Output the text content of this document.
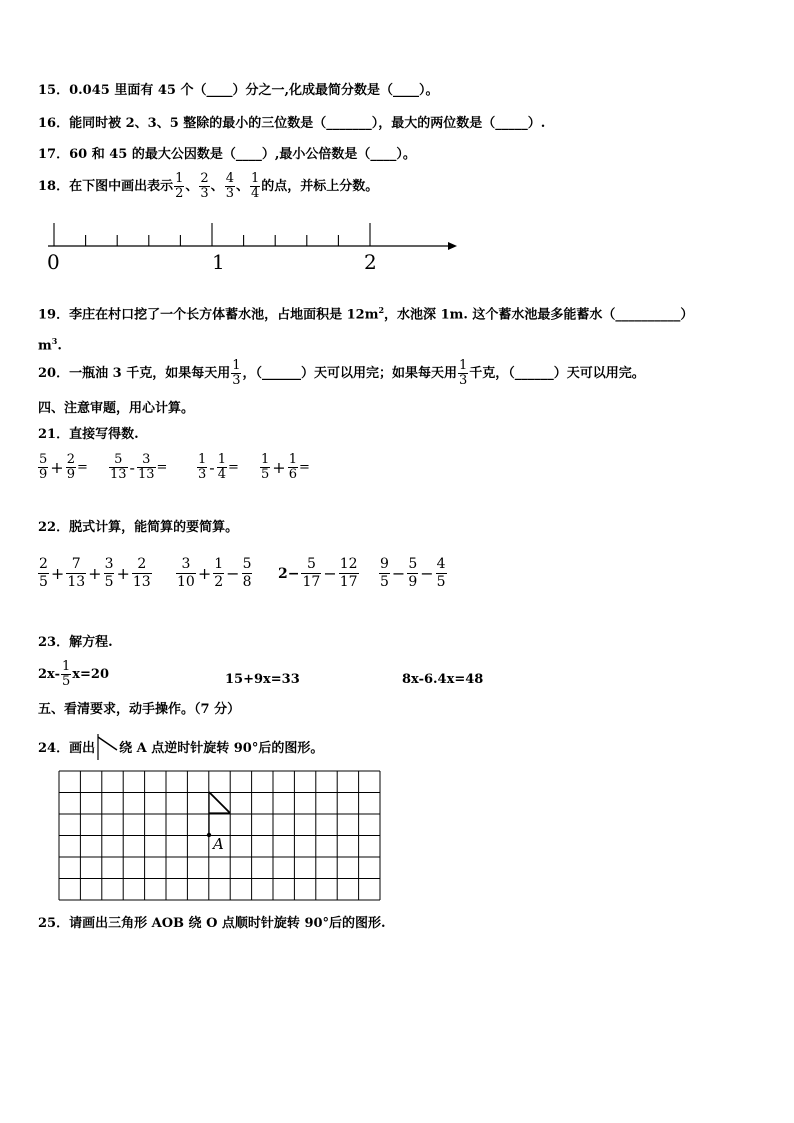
15．0.045 里面有 45 个（____）分之一,化成最简分数是（____）。
16．能同时被 2、3、5 整除的最小的三位数是（_______），最大的两位数是（_____）.
17．60 和 45 的最大公因数是（____）,最小公倍数是（____）。
18．在下图中画出表示 $\frac{1}{2}$ 、 $\frac{2}{3}$ 、 $\frac{4}{3}$ 、 $\frac{1}{4}$ 的点，并标上分数。
0	1	2
19．李庄在村口挖了一个长方体蓄水池，占地面积是 $12m^2$，水池深 1m. 这个蓄水池最多能蓄水（__________）
$m^3$.
20．一瓶油 3 千克，如果每天用 $\frac{1}{3}$ ，（______）天可以用完；如果每天用 $\frac{1}{3}$ 千克，（______）天可以用完。
四、注意审题，用心计算。
21．直接写得数.
$\frac{5}{9} + \frac{2}{9} = \frac{5}{13} - \frac{3}{13} = \frac{1}{3} - \frac{1}{4} = \frac{1}{5} + \frac{1}{6}$ =
22．脱式计算，能简算的要简算。
$\frac{2}{5} + \frac{7}{13} + \frac{3}{5} + \frac{2}{13} \frac{3}{10} + \frac{1}{2} - \frac{5}{8} 2- \frac{5}{17} - \frac{12}{17} \frac{9}{5} - \frac{5}{9} - \frac{4}{5}$
23．解方程.
$2x- \frac{1}{5} x=20$	15+9x=33	8x-6.4x=48
五、看清要求，动手操作。（7 分）
24．画出 绕 A 点逆时针旋转 90°后的图形。
A
25．请画出三角形 AOB 绕 O 点顺时针旋转 90°后的图形.
